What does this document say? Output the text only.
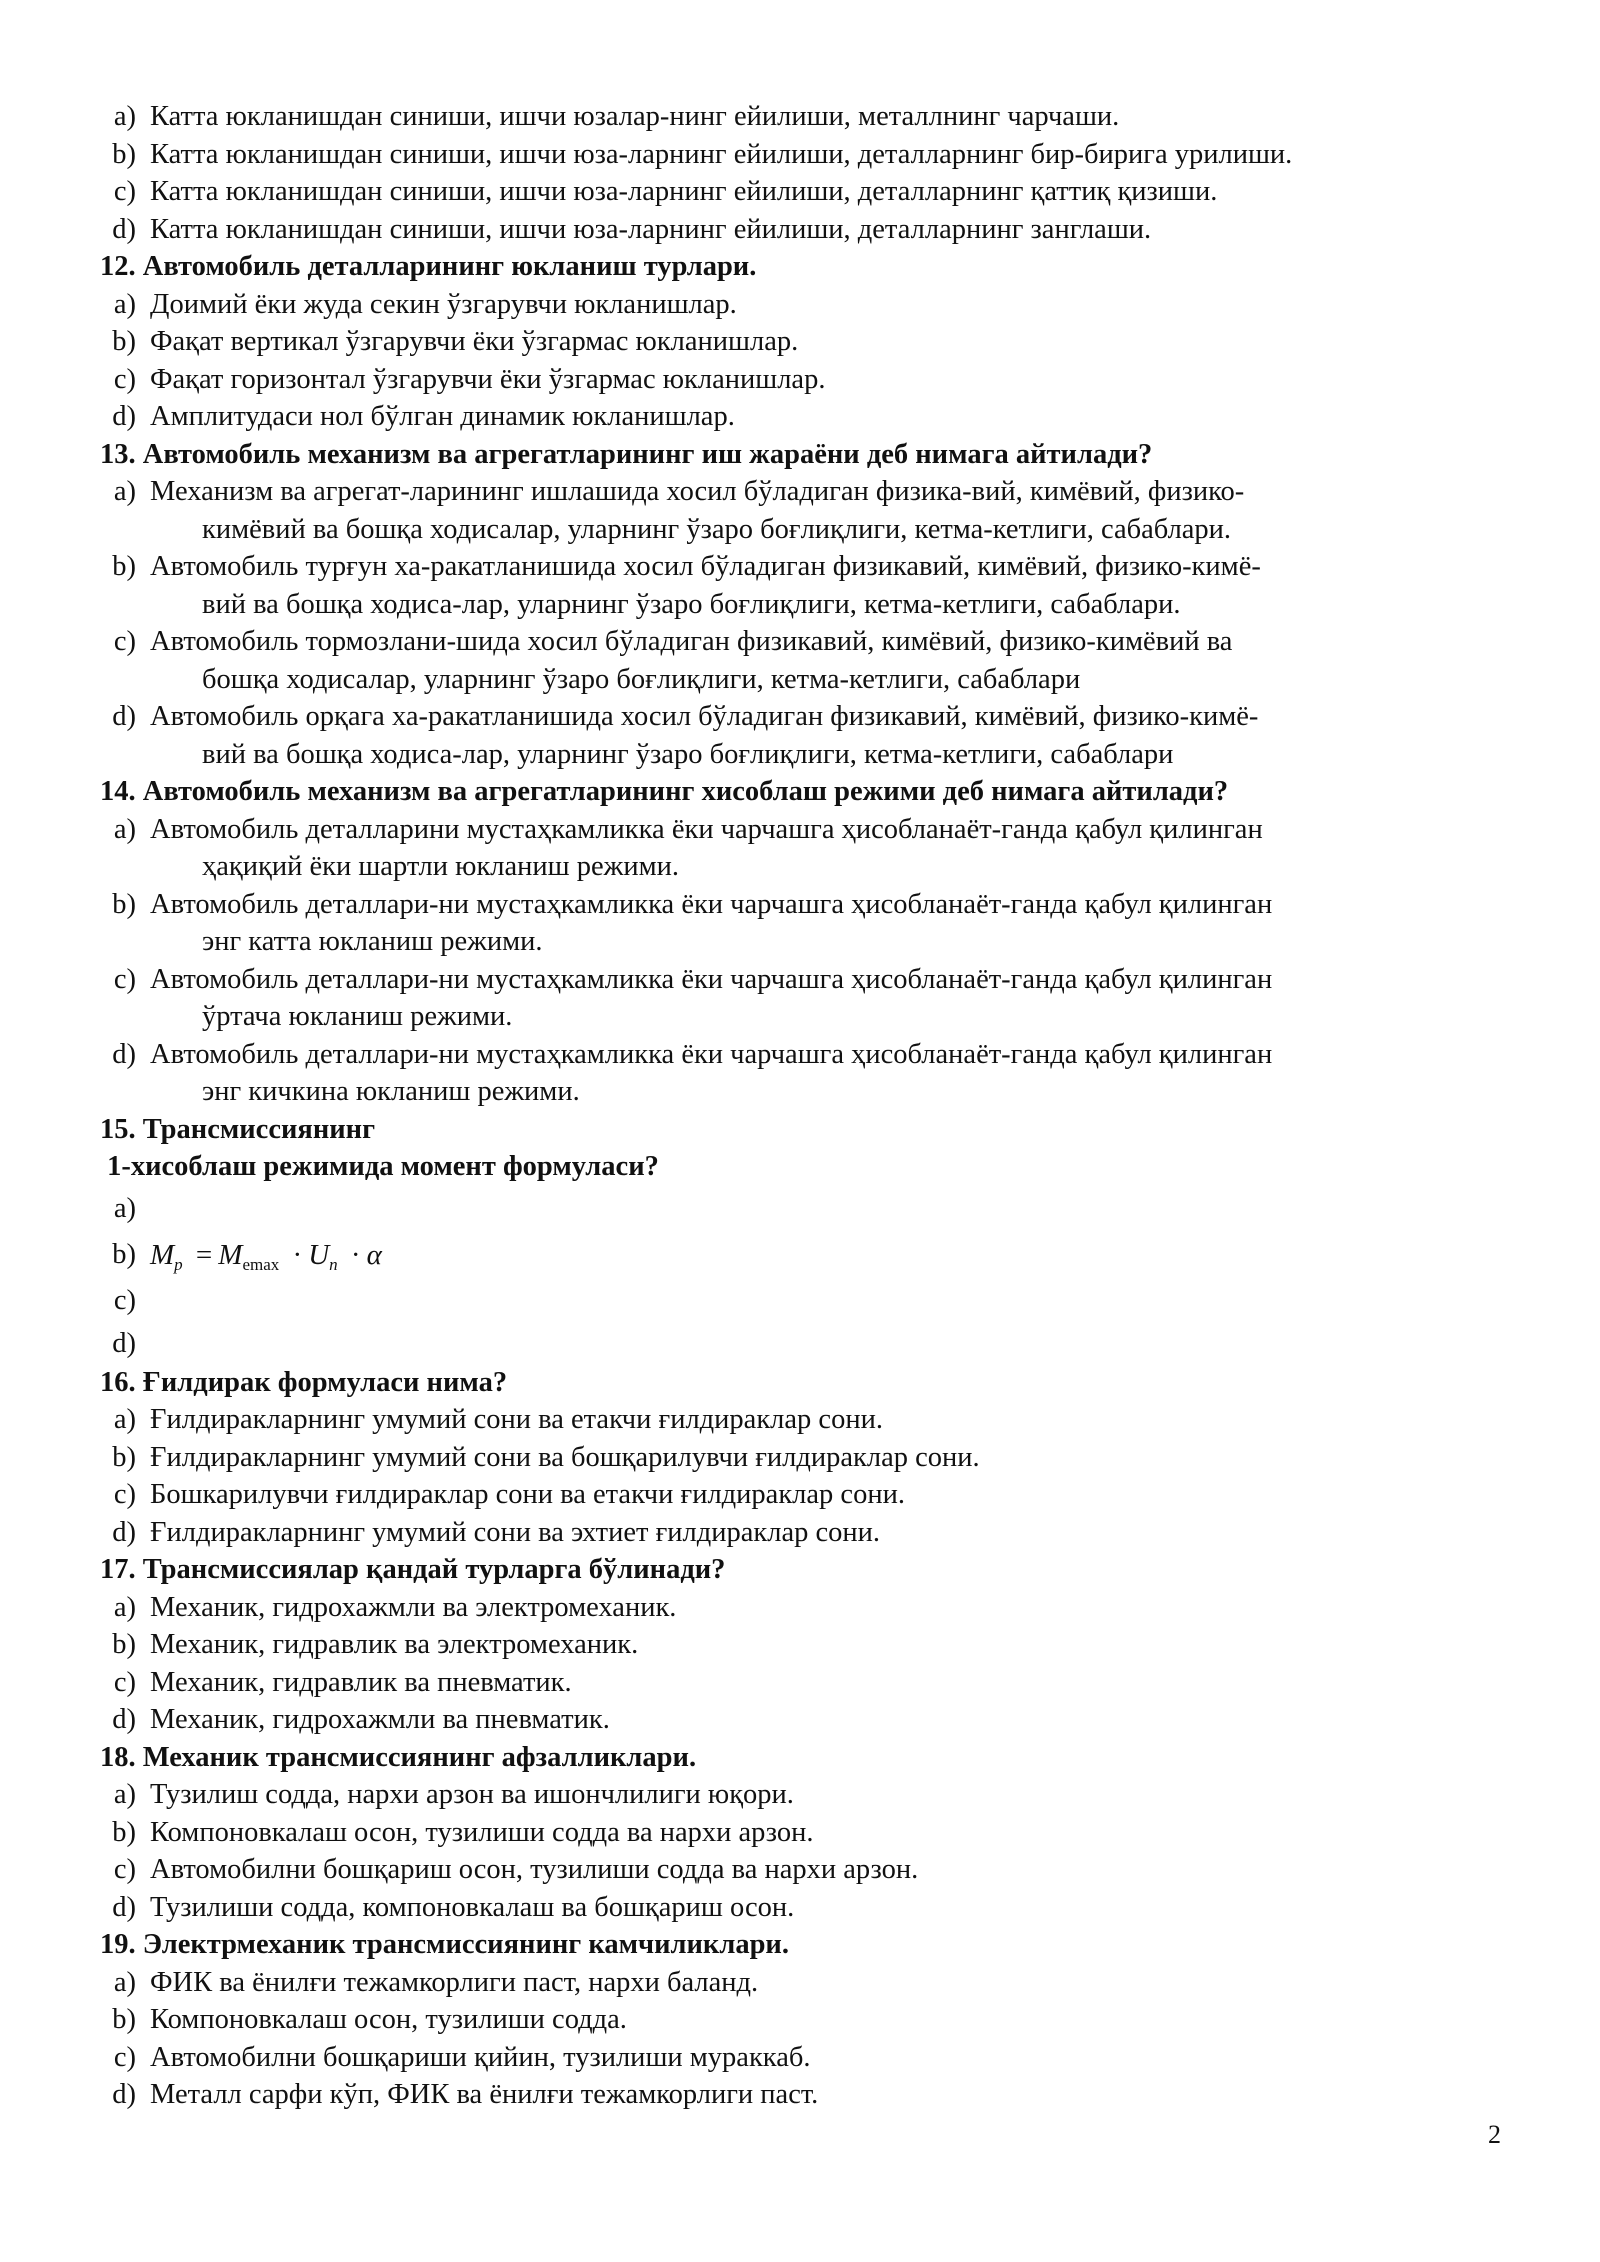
a) Катта юкланишдан синиши, ишчи юзалар-нинг ейилиши, металлнинг чарчаши.
b) Катта юкланишдан синиши, ишчи юза-ларнинг ейилиши, деталларнинг бир-бирига урилиши.
c) Катта юкланишдан синиши, ишчи юза-ларнинг ейилиши, деталларнинг қаттиқ қизиши.
d) Катта юкланишдан синиши, ишчи юза-ларнинг ейилиши, деталларнинг занглаши.
12. Автомобиль деталларининг юкланиш турлари.
a) Доимий ёки жуда секин ўзгарувчи юкланишлар.
b) Фақат вертикал ўзгарувчи ёки ўзгармас юкланишлар.
c) Фақат горизонтал ўзгарувчи ёки ўзгармас юкланишлар.
d) Амплитудаси нол бўлган динамик юкланишлар.
13. Автомобиль механизм ва агрегатларининг иш жараёни деб нимага айтилади?
a) Механизм ва агрегат-ларининг ишлашида хосил бўладиган физика-вий, кимёвий, физико-
кимёвий ва бошқа ходисалар, уларнинг ўзаро боғлиқлиги, кетма-кетлиги, сабаблари.
b) Автомобиль турғун ха-ракатланишида хосил бўладиган физикавий, кимёвий, физико-кимё-
вий ва бошқа ходиса-лар, уларнинг ўзаро боғлиқлиги, кетма-кетлиги, сабаблари.
c) Автомобиль тормозлани-шида хосил бўладиган физикавий, кимёвий, физико-кимёвий ва
бошқа ходисалар, уларнинг ўзаро боғлиқлиги, кетма-кетлиги, сабаблари
d) Автомобиль орқага ха-ракатланишида хосил бўладиган физикавий, кимёвий, физико-кимё-
вий ва бошқа ходиса-лар, уларнинг ўзаро боғлиқлиги, кетма-кетлиги, сабаблари
14. Автомобиль механизм ва агрегатларининг хисоблаш режими деб нимага айтилади?
a) Автомобиль деталларини мустаҳкамликка ёки чарчашга ҳисобланаёт-ганда қабул қилинган
ҳақиқий ёки шартли юкланиш режими.
b) Автомобиль деталлари-ни мустаҳкамликка ёки чарчашга ҳисобланаёт-ганда қабул қилинган
энг катта юкланиш режими.
c) Автомобиль деталлари-ни мустаҳкамликка ёки чарчашга ҳисобланаёт-ганда қабул қилинган
ўртача юкланиш режими.
d) Автомобиль деталлари-ни мустаҳкамликка ёки чарчашга ҳисобланаёт-ганда қабул қилинган
энг кичкина юкланиш режими.
15. Трансмиссиянинг
1-хисоблаш режимида момент формуласи?
a)
b) $M_p = M_{emax} \cdot U_n \cdot \alpha$
c)
d)
16. Ғилдирак формуласи нима?
a) Ғилдиракларнинг умумий сони ва етакчи ғилдираклар сони.
b) Ғилдиракларнинг умумий сони ва бошқарилувчи ғилдираклар сони.
c) Бошкарилувчи ғилдираклар сони ва етакчи ғилдираклар сони.
d) Ғилдиракларнинг умумий сони ва эхтиет ғилдираклар сони.
17. Трансмиссиялар қандай турларга бўлинади?
a) Механик, гидрохажмли ва электромеханик.
b) Механик, гидравлик ва электромеханик.
c) Механик, гидравлик ва пневматик.
d) Механик, гидрохажмли ва пневматик.
18. Механик трансмиссиянинг афзалликлари.
a) Тузилиш содда, нархи арзон ва ишончлилиги юқори.
b) Компоновкалаш осон, тузилиши содда ва нархи арзон.
c) Автомобилни бошқариш осон, тузилиши содда ва нархи арзон.
d) Тузилиши содда, компоновкалаш ва бошқариш осон.
19. Электрмеханик трансмиссиянинг камчиликлари.
a) ФИК ва ёнилғи тежамкорлиги паст, нархи баланд.
b) Компоновкалаш осон, тузилиши содда.
c) Автомобилни бошқариши қийин, тузилиши мураккаб.
d) Металл сарфи кўп, ФИК ва ёнилғи тежамкорлиги паст.
2
